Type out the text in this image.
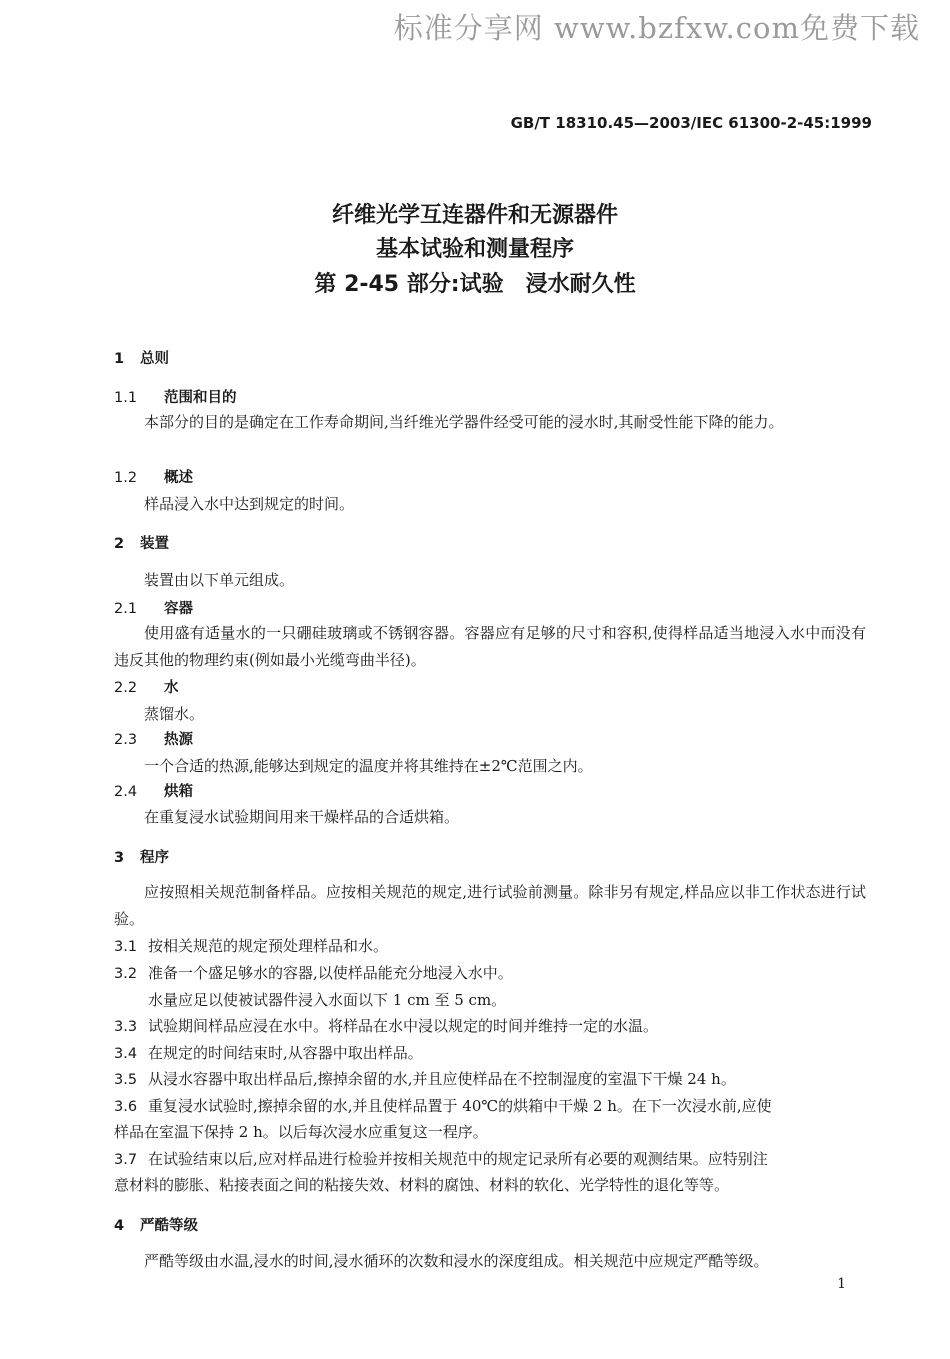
标准分享网 www.bzfxw.com免费下载
GB/T 18310.45—2003/IEC 61300-2-45:1999
纤维光学互连器件和无源器件
基本试验和测量程序
第 2-45 部分:试验　浸水耐久性
1 总则
1.1 范围和目的
本部分的目的是确定在工作寿命期间,当纤维光学器件经受可能的浸水时,其耐受性能下降的能力。
1.2 概述
样品浸入水中达到规定的时间。
2 装置
装置由以下单元组成。
2.1 容器
使用盛有适量水的一只硼硅玻璃或不锈钢容器。容器应有足够的尺寸和容积,使得样品适当地浸入水中而没有违反其他的物理约束(例如最小光缆弯曲半径)。
2.2 水
蒸馏水。
2.3 热源
一个合适的热源,能够达到规定的温度并将其维持在±2℃范围之内。
2.4 烘箱
在重复浸水试验期间用来干燥样品的合适烘箱。
3 程序
应按照相关规范制备样品。应按相关规范的规定,进行试验前测量。除非另有规定,样品应以非工作状态进行试验。
3.1 按相关规范的规定预处理样品和水。
3.2 准备一个盛足够水的容器,以使样品能充分地浸入水中。
水量应足以使被试器件浸入水面以下 1 cm 至 5 cm。
3.3 试验期间样品应浸在水中。将样品在水中浸以规定的时间并维持一定的水温。
3.4 在规定的时间结束时,从容器中取出样品。
3.5 从浸水容器中取出样品后,擦掉余留的水,并且应使样品在不控制湿度的室温下干燥 24 h。
3.6 重复浸水试验时,擦掉余留的水,并且使样品置于 40℃的烘箱中干燥 2 h。在下一次浸水前,应使
样品在室温下保持 2 h。以后每次浸水应重复这一程序。
3.7 在试验结束以后,应对样品进行检验并按相关规范中的规定记录所有必要的观测结果。应特别注
意材料的膨胀、粘接表面之间的粘接失效、材料的腐蚀、材料的软化、光学特性的退化等等。
4 严酷等级
严酷等级由水温,浸水的时间,浸水循环的次数和浸水的深度组成。相关规范中应规定严酷等级。
1
